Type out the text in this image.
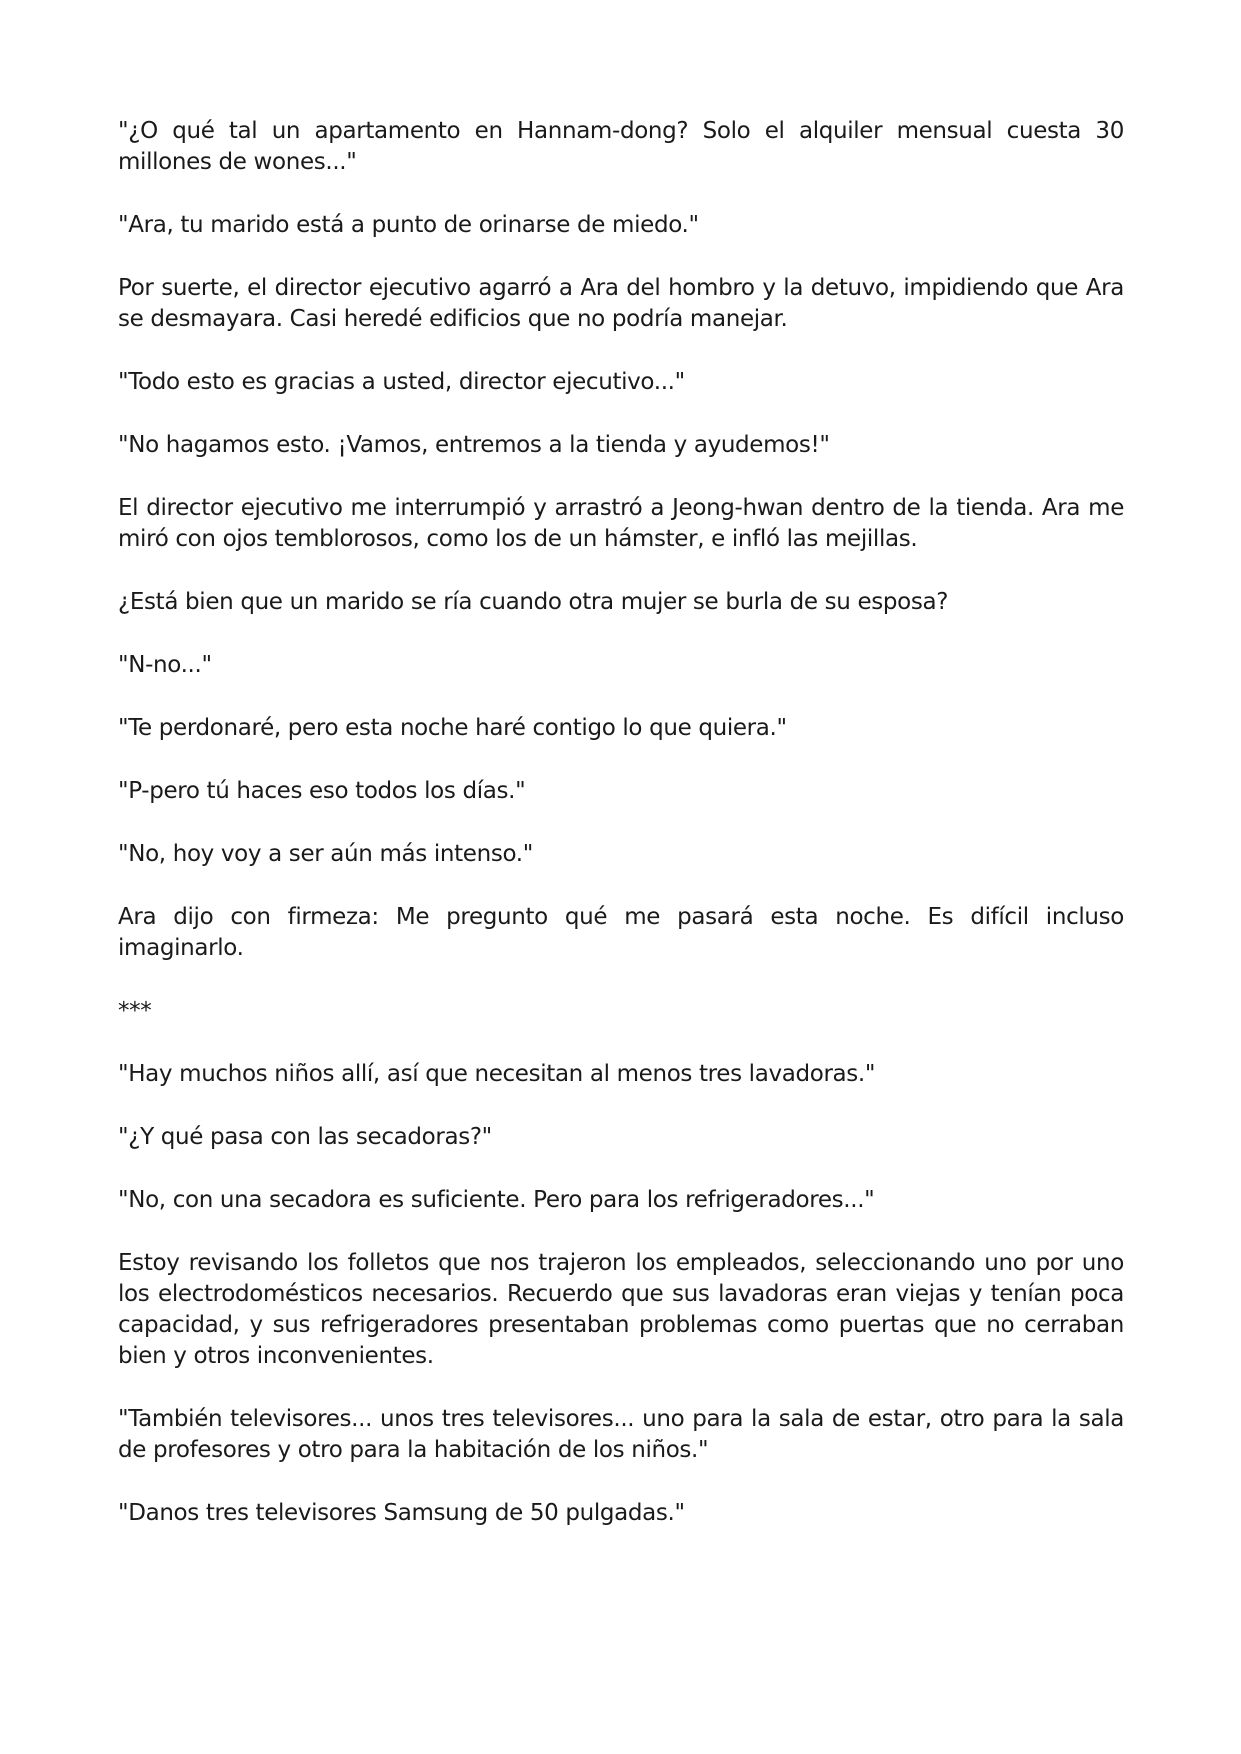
"¿O qué tal un apartamento en Hannam-dong? Solo el alquiler mensual cuesta 30 millones de wones..."

"Ara, tu marido está a punto de orinarse de miedo."

Por suerte, el director ejecutivo agarró a Ara del hombro y la detuvo, impidiendo que Ara se desmayara. Casi heredé edificios que no podría manejar.

"Todo esto es gracias a usted, director ejecutivo..."

"No hagamos esto. ¡Vamos, entremos a la tienda y ayudemos!"

El director ejecutivo me interrumpió y arrastró a Jeong-hwan dentro de la tienda. Ara me miró con ojos temblorosos, como los de un hámster, e infló las mejillas.

¿Está bien que un marido se ría cuando otra mujer se burla de su esposa?

"N-no..."

"Te perdonaré, pero esta noche haré contigo lo que quiera."

"P-pero tú haces eso todos los días."

"No, hoy voy a ser aún más intenso."

Ara dijo con firmeza: Me pregunto qué me pasará esta noche. Es difícil incluso imaginarlo.

***

"Hay muchos niños allí, así que necesitan al menos tres lavadoras."

"¿Y qué pasa con las secadoras?"

"No, con una secadora es suficiente. Pero para los refrigeradores..."

Estoy revisando los folletos que nos trajeron los empleados, seleccionando uno por uno los electrodomésticos necesarios. Recuerdo que sus lavadoras eran viejas y tenían poca capacidad, y sus refrigeradores presentaban problemas como puertas que no cerraban bien y otros inconvenientes.

"También televisores... unos tres televisores... uno para la sala de estar, otro para la sala de profesores y otro para la habitación de los niños."

"Danos tres televisores Samsung de 50 pulgadas."
